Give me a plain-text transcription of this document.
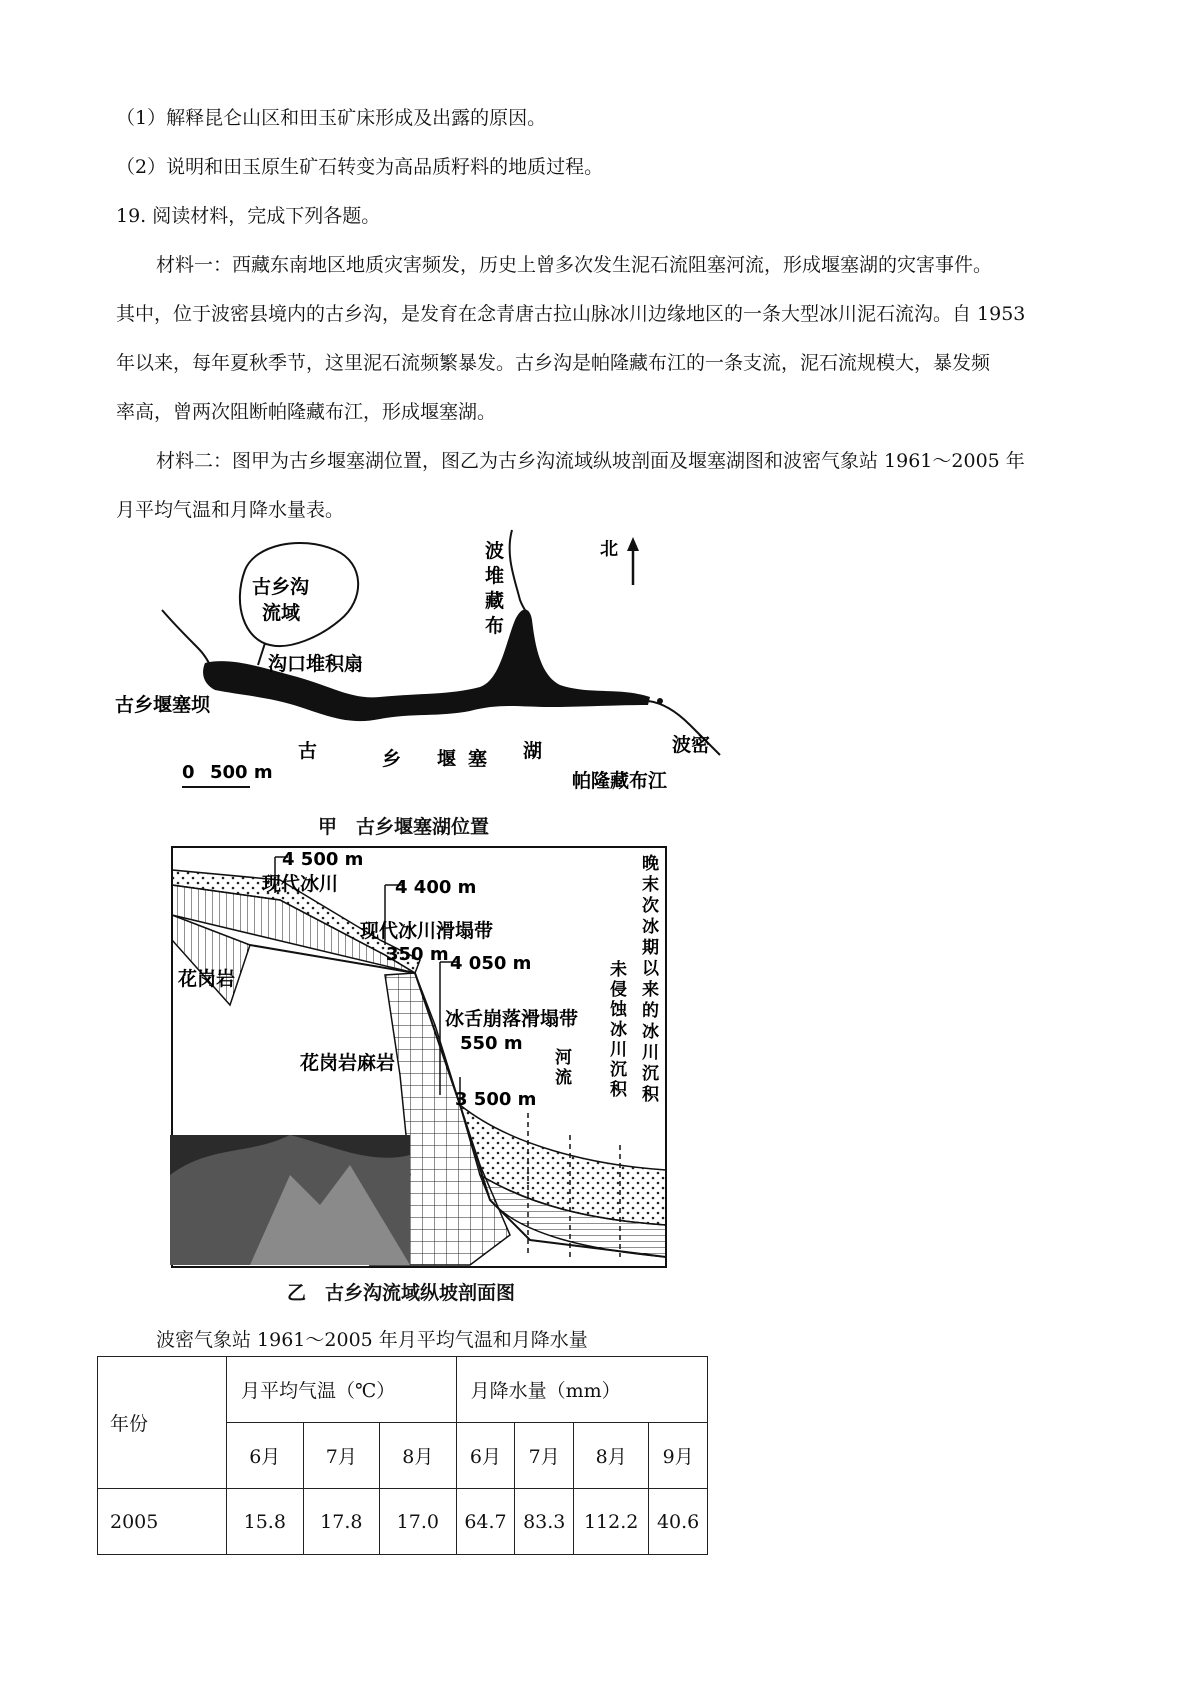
（1）解释昆仑山区和田玉矿床形成及出露的原因。
（2）说明和田玉原生矿石转变为高品质籽料的地质过程。
19. 阅读材料，完成下列各题。
材料一：西藏东南地区地质灾害频发，历史上曾多次发生泥石流阻塞河流，形成堰塞湖的灾害事件。
其中，位于波密县境内的古乡沟，是发育在念青唐古拉山脉冰川边缘地区的一条大型冰川泥石流沟。自 1953
年以来，每年夏秋季节，这里泥石流频繁暴发。古乡沟是帕隆藏布江的一条支流，泥石流规模大，暴发频
率高，曾两次阻断帕隆藏布江，形成堰塞湖。
材料二：图甲为古乡堰塞湖位置，图乙为古乡沟流域纵坡剖面及堰塞湖图和波密气象站 1961～2005 年
月平均气温和月降水量表。
北
古乡沟
流域
沟口堆积扇
古乡堰塞坝
波
堆
藏
布
古	乡 堰 塞 湖	波密
帕隆藏布江
0 500 m
甲　古乡堰塞湖位置
4 500 m
现代冰川	4 400 m
现代冰川滑塌带
350 m
花岗岩
4 050 m
冰舌崩落滑塌带
550 m
花岗岩麻岩
3 500 m
河
流
未
侵
蚀
冰
川
沉
积
晚
末
次
冰
期
以
来
的
冰
川
沉
积
乙　古乡沟流域纵坡剖面图
波密气象站 1961～2005 年月平均气温和月降水量
年份	月平均气温（℃）			月降水量（mm）			
	6月	7月	8月	6月	7月	8月	9月
2005	15.8	17.8	17.0	64.7	83.3	112.2	40.6
